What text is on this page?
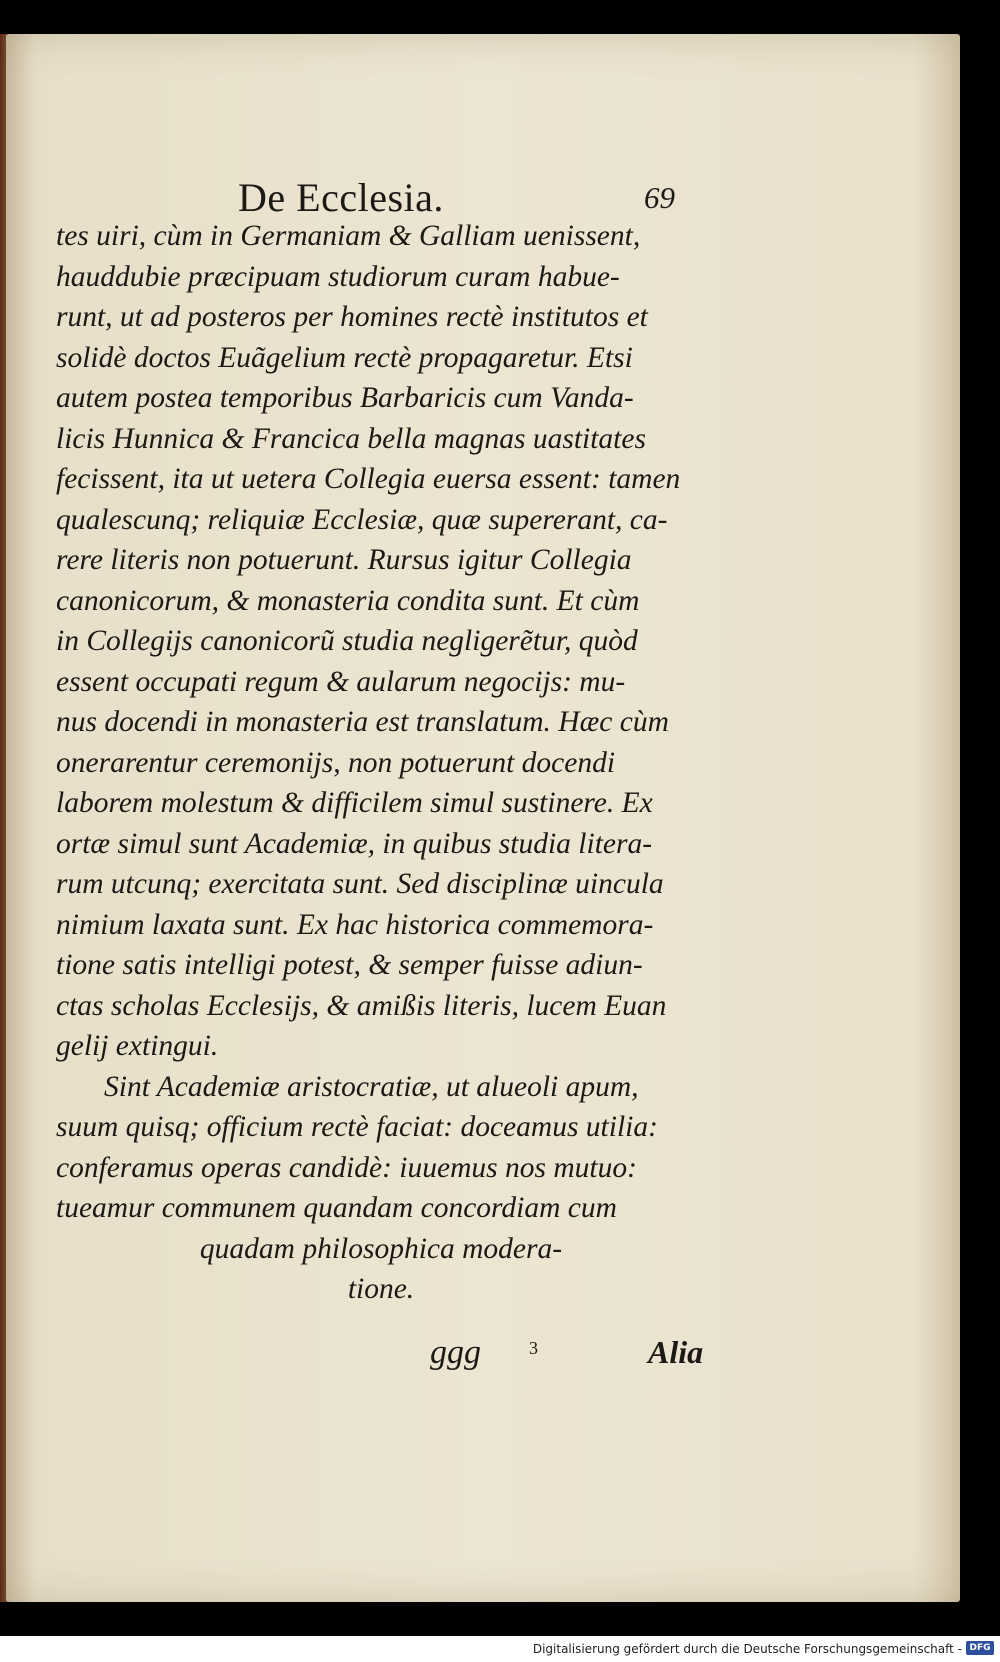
De Ecclesia.	69
tes uiri, cùm in Germaniam & Galliam uenissent,
hauddubie præcipuam studiorum curam habue-
runt, ut ad posteros per homines rectè institutos et
solidè doctos Euãgelium rectè propagaretur. Etsi
autem postea temporibus Barbaricis cum Vanda-
licis Hunnica & Francica bella magnas uastitates
fecissent, ita ut uetera Collegia euersa essent: tamen
qualescunq; reliquiæ Ecclesiæ, quæ supererant, ca-
rere literis non potuerunt. Rursus igitur Collegia
canonicorum, & monasteria condita sunt. Et cùm
in Collegijs canonicorũ studia negligerẽtur, quòd
essent occupati regum & aularum negocijs: mu-
nus docendi in monasteria est translatum. Hæc cùm
onerarentur ceremonijs, non potuerunt docendi
laborem molestum & difficilem simul sustinere. Ex
ortæ simul sunt Academiæ, in quibus studia litera-
rum utcunq; exercitata sunt. Sed disciplinæ uincula
nimium laxata sunt. Ex hac historica commemora-
tione satis intelligi potest, & semper fuisse adiun-
ctas scholas Ecclesijs, & amißis literis, lucem Euan
gelij extingui.
Sint Academiæ aristocratiæ, ut alueoli apum,
suum quisq; officium rectè faciat: doceamus utilia:
conferamus operas candidè: iuuemus nos mutuo:
tueamur communem quandam concordiam cum
quadam philosophica modera-
tione.
ggg	3	Alia
Digitalisierung gefördert durch die Deutsche Forschungsgemeinschaft - DFG
